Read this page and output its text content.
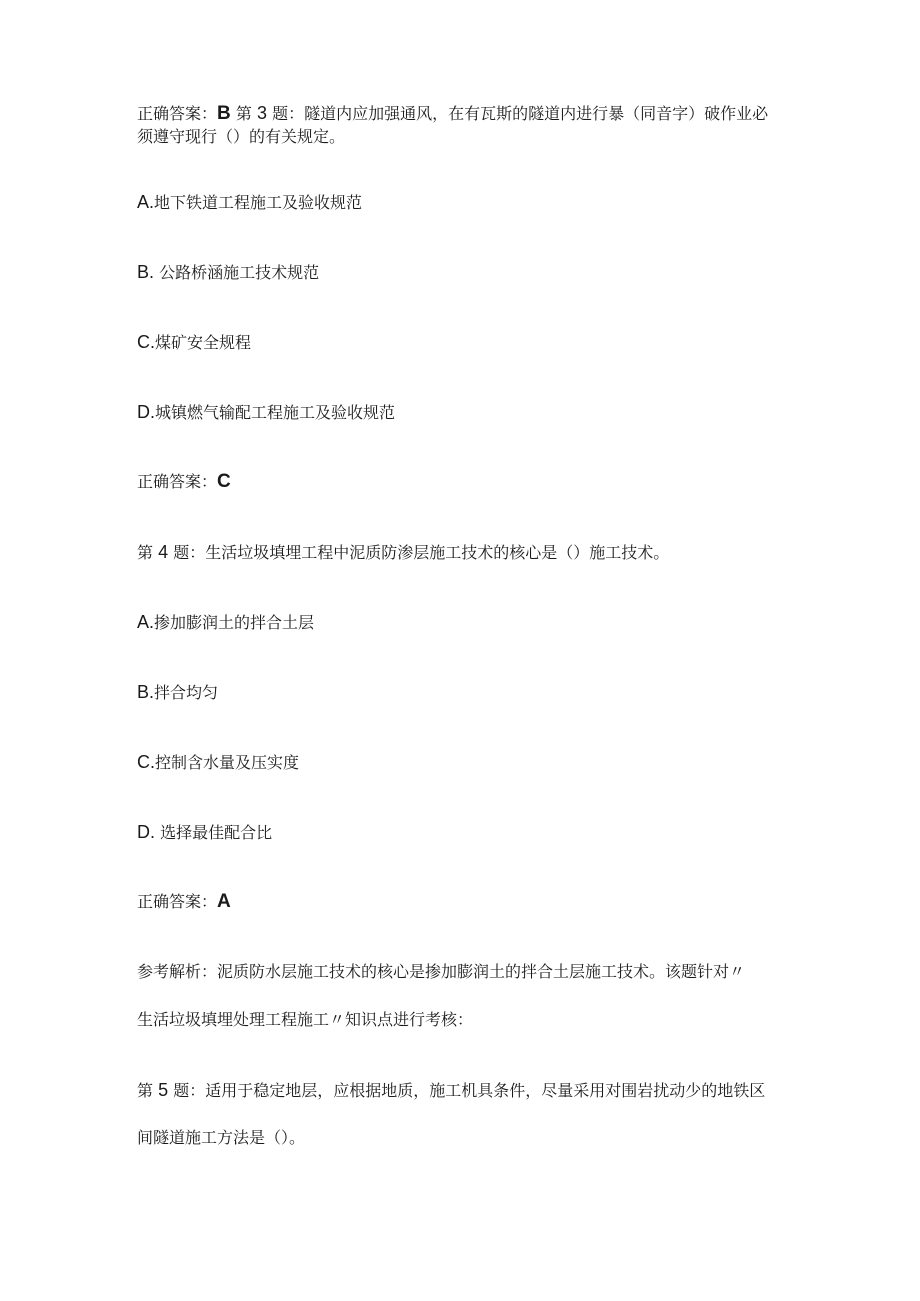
正确答案：B 第 3 题：隧道内应加强通风，在有瓦斯的隧道内进行暴（同音字）破作业必
须遵守现行（）的有关规定。
A.地下铁道工程施工及验收规范
B. 公路桥涵施工技术规范
C.煤矿安全规程
D.城镇燃气输配工程施工及验收规范
正确答案：C
第 4 题：生活垃圾填埋工程中泥质防渗层施工技术的核心是（）施工技术。
A.掺加膨润土的拌合土层
B.拌合均匀
C.控制含水量及压实度
D. 选择最佳配合比
正确答案：A
参考解析：泥质防水层施工技术的核心是掺加膨润土的拌合土层施工技术。该题针对〃
生活垃圾填埋处理工程施工〃知识点进行考核：
第 5 题：适用于稳定地层，应根据地质，施工机具条件，尽量采用对围岩扰动少的地铁区
间隧道施工方法是（）。
